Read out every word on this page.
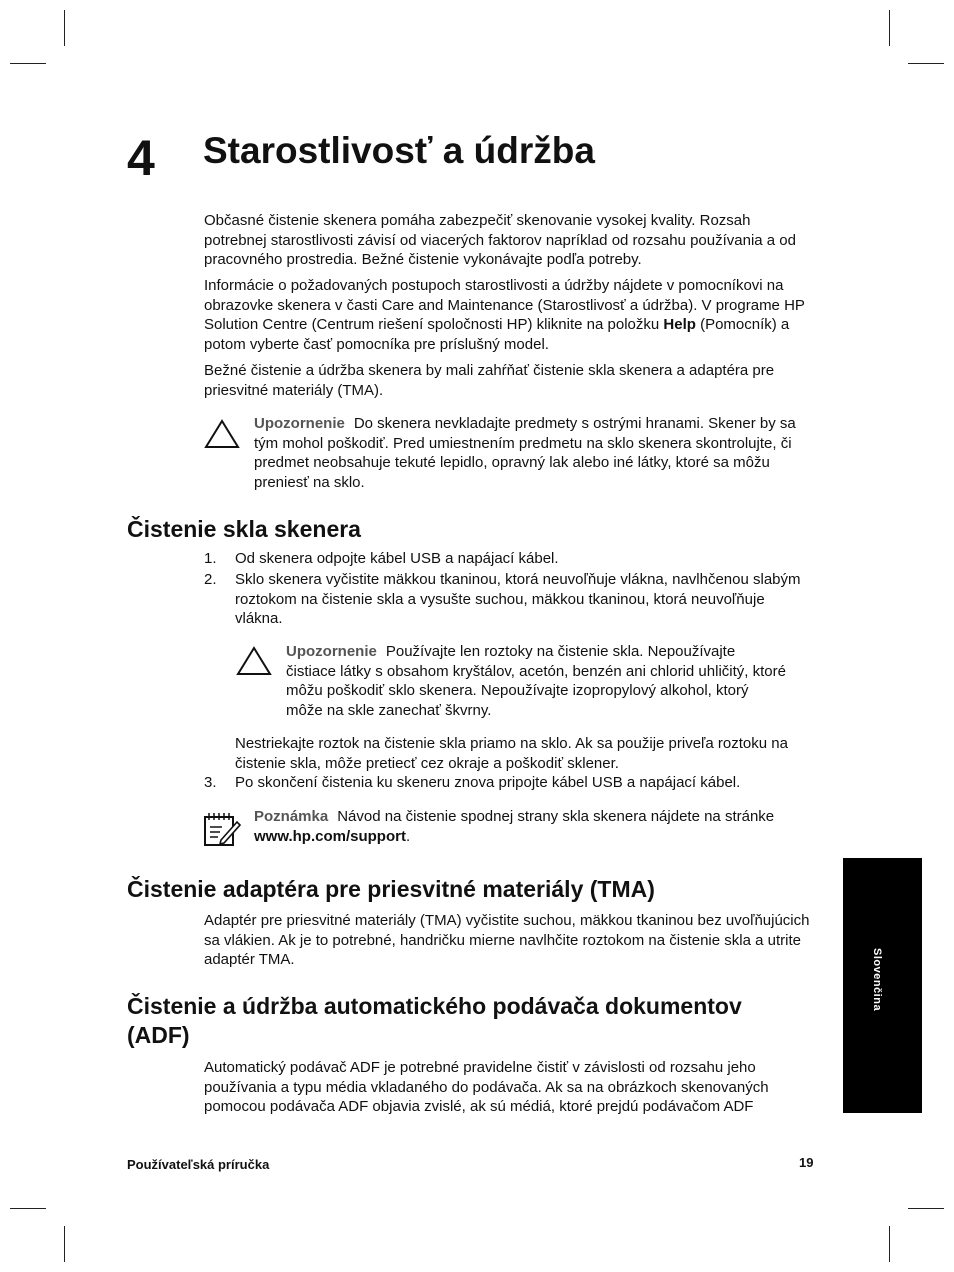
4 Starostlivosť a údržba

Občasné čistenie skenera pomáha zabezpečiť skenovanie vysokej kvality. Rozsah potrebnej starostlivosti závisí od viacerých faktorov napríklad od rozsahu používania a od pracovného prostredia. Bežné čistenie vykonávajte podľa potreby.

Informácie o požadovaných postupoch starostlivosti a údržby nájdete v pomocníkovi na obrazovke skenera v časti Care and Maintenance (Starostlivosť a údržba). V programe HP Solution Centre (Centrum riešení spoločnosti HP) kliknite na položku Help (Pomocník) a potom vyberte časť pomocníka pre príslušný model.

Bežné čistenie a údržba skenera by mali zahŕňať čistenie skla skenera a adaptéra pre priesvitné materiály (TMA).

Upozornenie Do skenera nevkladajte predmety s ostrými hranami. Skener by sa tým mohol poškodiť. Pred umiestnením predmetu na sklo skenera skontrolujte, či predmet neobsahuje tekuté lepidlo, opravný lak alebo iné látky, ktoré sa môžu preniesť na sklo.
Čistenie skla skenera
1.	Od skenera odpojte kábel USB a napájací kábel.
2.	Sklo skenera vyčistite mäkkou tkaninou, ktorá neuvoľňuje vlákna, navlhčenou slabým roztokom na čistenie skla a vysušte suchou, mäkkou tkaninou, ktorá neuvoľňuje vlákna.
Upozornenie Používajte len roztoky na čistenie skla. Nepoužívajte čistiace látky s obsahom kryštálov, acetón, benzén ani chlorid uhličitý, ktoré môžu poškodiť sklo skenera. Nepoužívajte izopropylový alkohol, ktorý môže na skle zanechať škvrny.

Nestriekajte roztok na čistenie skla priamo na sklo. Ak sa použije priveľa roztoku na čistenie skla, môže pretiecť cez okraje a poškodiť sklener.

3.	Po skončení čistenia ku skeneru znova pripojte kábel USB a napájací kábel.
Poznámka Návod na čistenie spodnej strany skla skenera nájdete na stránke www.hp.com/support.
Čistenie adaptéra pre priesvitné materiály (TMA)

Adaptér pre priesvitné materiály (TMA) vyčistite suchou, mäkkou tkaninou bez uvoľňujúcich sa vlákien. Ak je to potrebné, handričku mierne navlhčite roztokom na čistenie skla a utrite adaptér TMA.

Čistenie a údržba automatického podávača dokumentov (ADF)

Automatický podávač ADF je potrebné pravidelne čistiť v závislosti od rozsahu jeho používania a typu média vkladaného do podávača. Ak sa na obrázkoch skenovaných pomocou podávača ADF objavia zvislé, ak sú médiá, ktoré prejdú podávačom ADF

Slovenčina
Používateľská príručka	19
